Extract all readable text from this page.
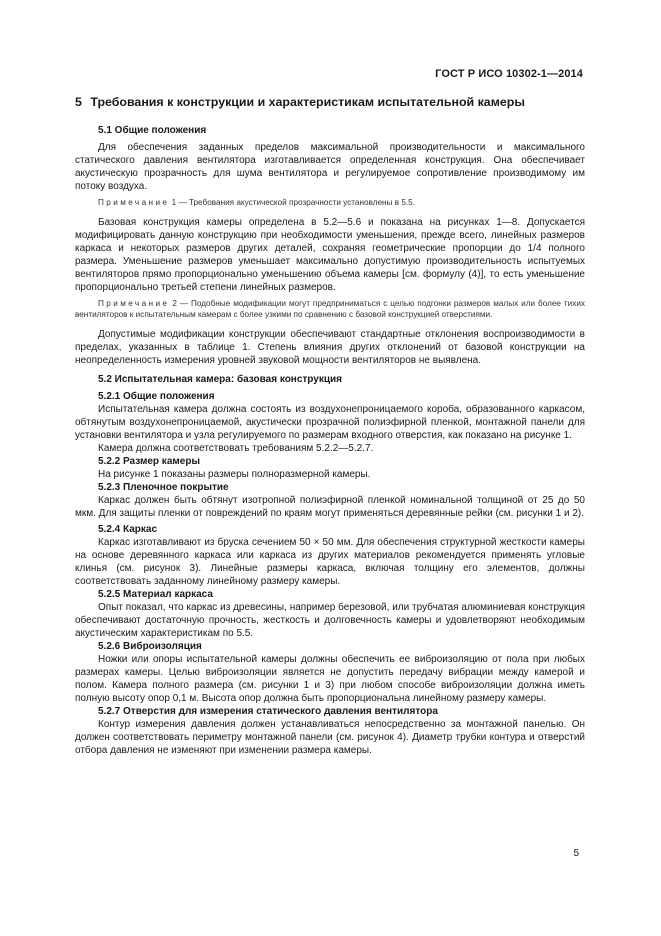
ГОСТ Р ИСО 10302-1—2014
5 Требования к конструкции и характеристикам испытательной камеры
5.1 Общие положения

Для обеспечения заданных пределов максимальной производительности и максимального статического давления вентилятора изготавливается определенная конструкция. Она обеспечивает акустическую прозрачность для шума вентилятора и регулируемое сопротивление производимому им потоку воздуха.

Примечание 1 — Требования акустической прозрачности установлены в 5.5.

Базовая конструкция камеры определена в 5.2—5.6 и показана на рисунках 1—8. Допускается модифицировать данную конструкцию при необходимости уменьшения, прежде всего, линейных размеров каркаса и некоторых размеров других деталей, сохраняя геометрические пропорции до 1/4 полного размера. Уменьшение размеров уменьшает максимально допустимую производительность испытуемых вентиляторов прямо пропорционально уменьшению объема камеры [см. формулу (4)], то есть уменьшение пропорционально третьей степени линейных размеров.

Примечание 2 — Подобные модификации могут предприниматься с целью подгонки размеров малых или более тихих вентиляторов к испытательным камерам с более узкими по сравнению с базовой конструкцией отверстиями.

Допустимые модификации конструкции обеспечивают стандартные отклонения воспроизводимости в пределах, указанных в таблице 1. Степень влияния других отклонений от базовой конструкции на неопределенность измерения уровней звуковой мощности вентиляторов не выявлена.

5.2 Испытательная камера: базовая конструкция
5.2.1 Общие положения

Испытательная камера должна состоять из воздухонепроницаемого короба, образованного каркасом, обтянутым воздухонепроницаемой, акустически прозрачной полиэфирной пленкой, монтажной панели для установки вентилятора и узла регулируемого по размерам входного отверстия, как показано на рисунке 1.

Камера должна соответствовать требованиям 5.2.2—5.2.7.

5.2.2 Размер камеры

На рисунке 1 показаны размеры полноразмерной камеры.

5.2.3 Пленочное покрытие

Каркас должен быть обтянут изотропной полиэфирной пленкой номинальной толщиной от 25 до 50 мкм. Для защиты пленки от повреждений по краям могут применяться деревянные рейки (см. рисунки 1 и 2).

5.2.4 Каркас

Каркас изготавливают из бруска сечением 50 × 50 мм. Для обеспечения структурной жесткости камеры на основе деревянного каркаса или каркаса из других материалов рекомендуется применять угловые клинья (см. рисунок 3). Линейные размеры каркаса, включая толщину его элементов, должны соответствовать заданному линейному размеру камеры.

5.2.5 Материал каркаса

Опыт показал, что каркас из древесины, например березовой, или трубчатая алюминиевая конструкция обеспечивают достаточную прочность, жесткость и долговечность камеры и удовлетворяют необходимым акустическим характеристикам по 5.5.

5.2.6 Виброизоляция

Ножки или опоры испытательной камеры должны обеспечить ее виброизоляцию от пола при любых размерах камеры. Целью виброизоляции является не допустить передачу вибрации между камерой и полом. Камера полного размера (см. рисунки 1 и 3) при любом способе виброизоляции должна иметь полную высоту опор 0,1 м. Высота опор должна быть пропорциональна линейному размеру камеры.

5.2.7 Отверстия для измерения статического давления вентилятора

Контур измерения давления должен устанавливаться непосредственно за монтажной панелью. Он должен соответствовать периметру монтажной панели (см. рисунок 4). Диаметр трубки контура и отверстий отбора давления не изменяют при изменении размера камеры.

5
